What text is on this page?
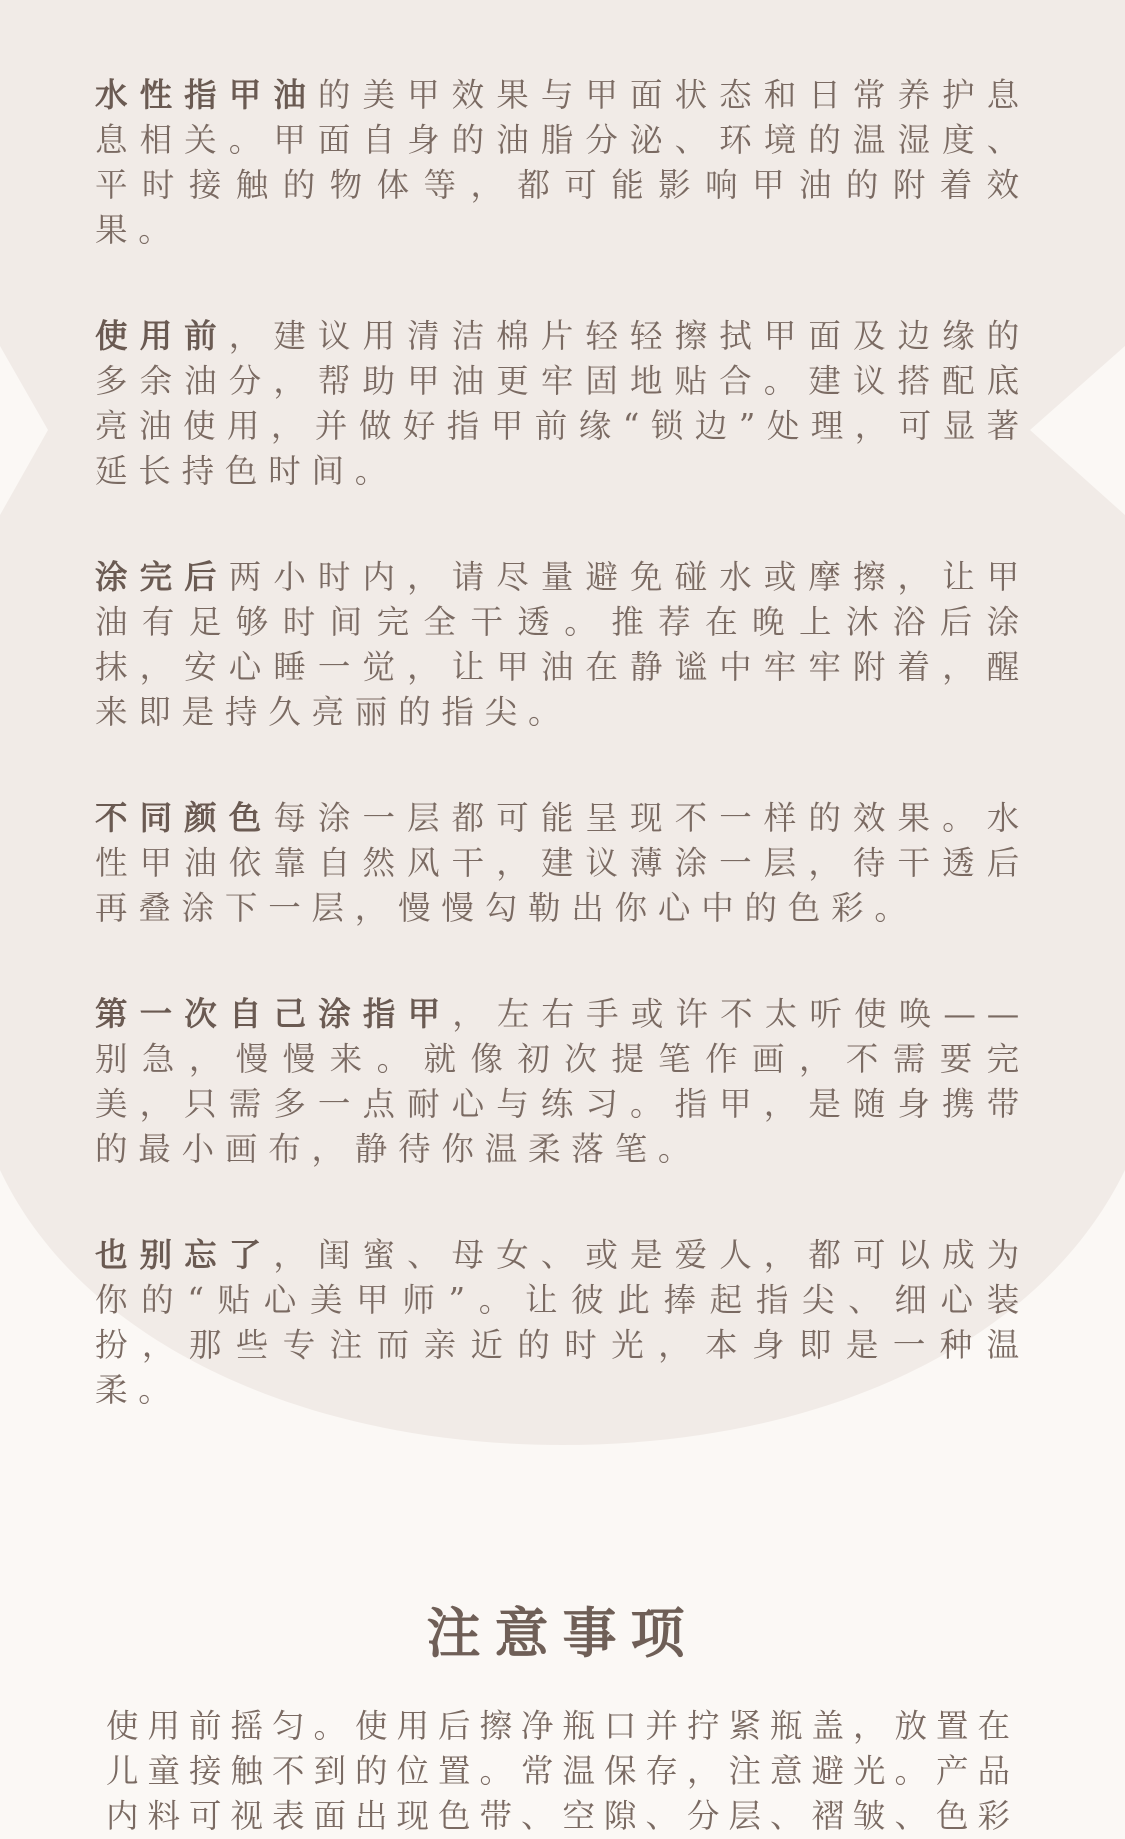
水性指甲油的美甲效果与甲面状态和日常养护息息相关。甲面自身的油脂分泌、环境的温湿度、平时接触的物体等，都可能影响甲油的附着效果。

使用前，建议用清洁棉片轻轻擦拭甲面及边缘的多余油分，帮助甲油更牢固地贴合。建议搭配底亮油使用，并做好指甲前缘“锁边”处理，可显著延长持色时间。

涂完后两小时内，请尽量避免碰水或摩擦，让甲油有足够时间完全干透。推荐在晚上沐浴后涂抹，安心睡一觉，让甲油在静谧中牢牢附着，醒来即是持久亮丽的指尖。

不同颜色每涂一层都可能呈现不一样的效果。水性甲油依靠自然风干，建议薄涂一层，待干透后再叠涂下一层，慢慢勾勒出你心中的色彩。

第一次自己涂指甲，左右手或许不太听使唤——别急，慢慢来。就像初次提笔作画，不需要完美，只需多一点耐心与练习。指甲，是随身携带的最小画布，静待你温柔落笔。

也别忘了，闺蜜、母女、或是爱人，都可以成为你的“贴心美甲师”。让彼此捧起指尖、细心装扮，那些专注而亲近的时光，本身即是一种温柔。

注意事项

使用前摇匀。使用后擦净瓶口并拧紧瓶盖，放置在儿童接触不到的位置。常温保存，注意避光。产品内料可视表面出现色带、空隙、分层、褶皱、色彩
